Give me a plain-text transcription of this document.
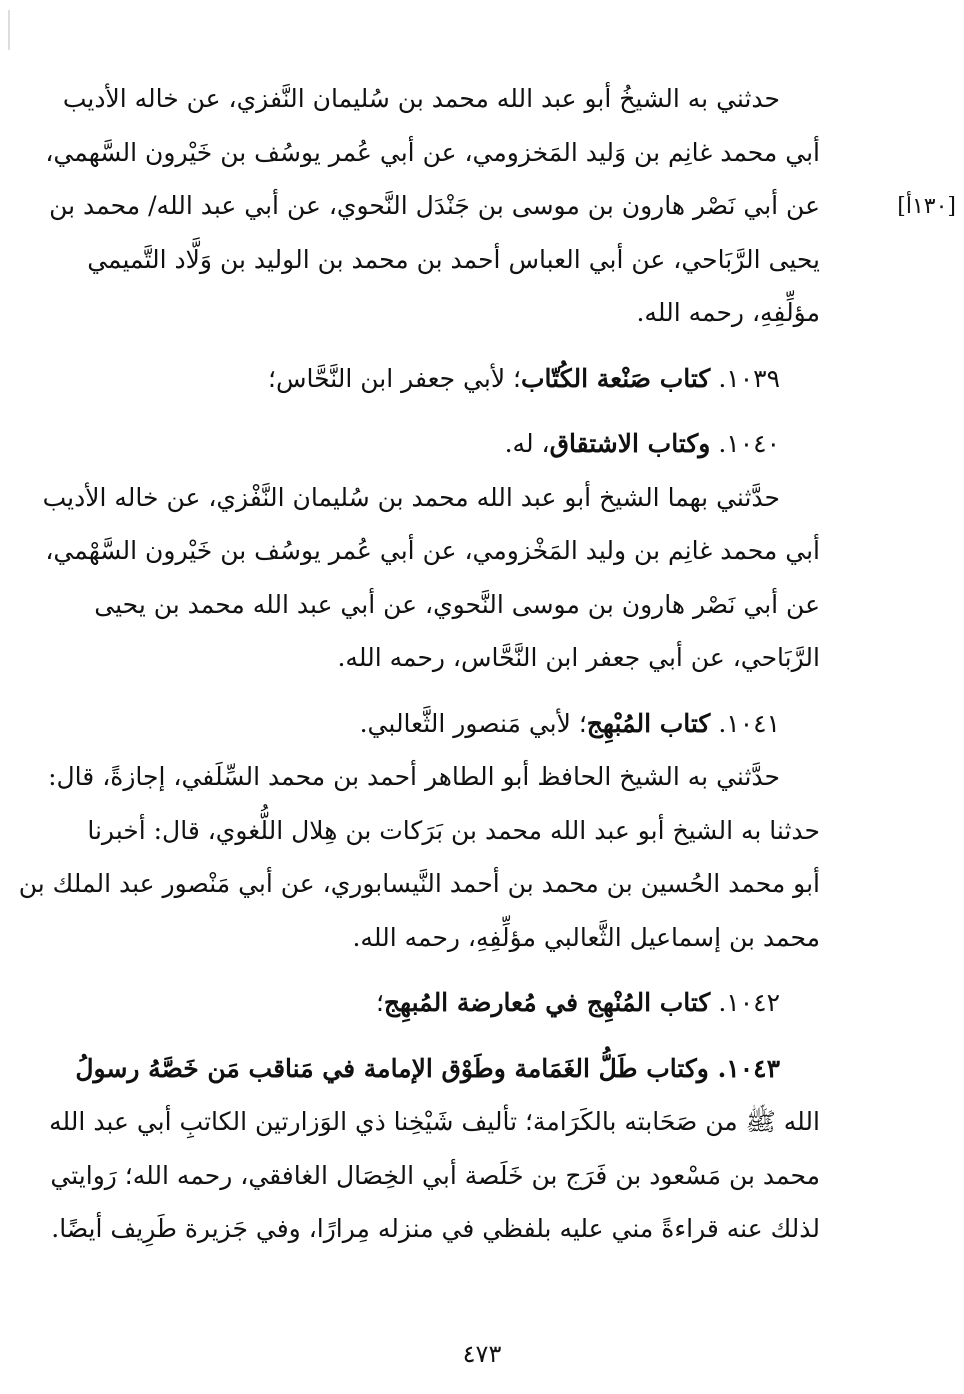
[١٣٠أ]

حدثني به الشيخُ أبو عبد الله محمد بن سُليمان النَّفزي، عن خاله الأديب
أبي محمد غانِم بن وَليد المَخزومي، عن أبي عُمر يوسُف بن خَيْرون السَّهمي،
عن أبي نَصْر هارون بن موسى بن جَنْدَل النَّحوي، عن أبي عبد الله/ محمد بن
يحيى الرَّبَاحي، عن أبي العباس أحمد بن محمد بن الوليد بن وَلَّاد التَّميمي
مؤلِّفِهِ، رحمه الله.

١٠٣٩.كتاب صَنْعة الكُتّاب؛ لأبي جعفر ابن النَّحَّاس؛

١٠٤٠.وكتاب الاشتقاق، له.

حدَّثني بهما الشيخ أبو عبد الله محمد بن سُليمان النَّفْزي، عن خاله الأديب
أبي محمد غانِم بن وليد المَخْزومي، عن أبي عُمر يوسُف بن خَيْرون السَّهْمي،
عن أبي نَصْر هارون بن موسى النَّحوي، عن أبي عبد الله محمد بن يحيى
الرَّبَاحي، عن أبي جعفر ابن النَّحَّاس، رحمه الله.

١٠٤١.كتاب المُبْهِج؛ لأبي مَنصور الثَّعالبي.

حدَّثني به الشيخ الحافظ أبو الطاهر أحمد بن محمد السِّلَفي، إجازةً، قال:
حدثنا به الشيخ أبو عبد الله محمد بن بَرَكات بن هِلال اللُّغوي، قال: أخبرنا
أبو محمد الحُسين بن محمد بن أحمد النَّيسابوري، عن أبي مَنْصور عبد الملك بن
محمد بن إسماعيل الثَّعالبي مؤلِّفِهِ، رحمه الله.

١٠٤٢.كتاب المُنْهِج في مُعارضة المُبهِج؛

١٠٤٣. وكتاب طَلُّ الغَمَامة وطَوْق الإمامة في مَناقب مَن خَصَّهُ رسولُ
الله ﷺ من صَحَابته بالكَرَامة؛ تأليف شَيْخِنا ذي الوَزارتين الكاتبِ أبي عبد الله
محمد بن مَسْعود بن فَرَج بن خَلَصة أبي الخِصَال الغافقي، رحمه الله؛ رَوايتي
لذلك عنه قراءةً مني عليه بلفظي في منزله مِرارًا، وفي جَزيرة طَرِيف أيضًا.

٤٧٣
